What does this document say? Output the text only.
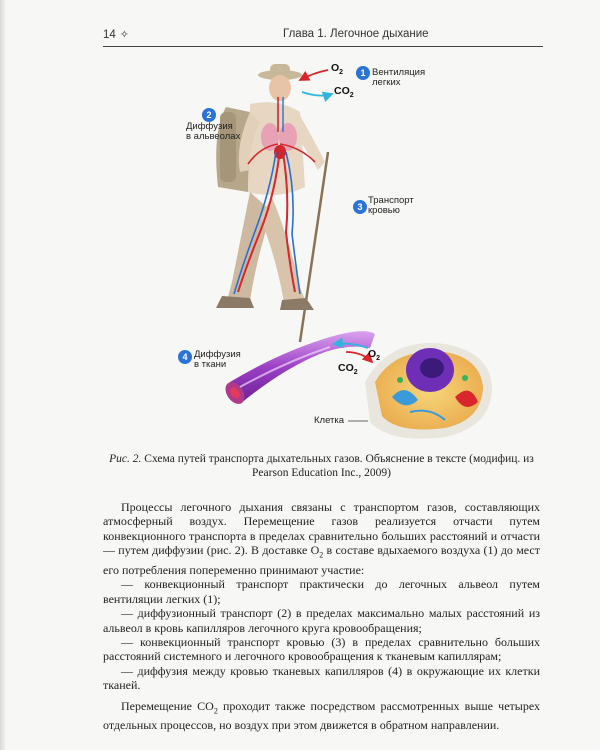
14 ✧	Глава 1. Легочное дыхание
$O_2$
$CO_2$
1 Вентиляция
легких
2
Диффузия
в альвеолах
3
Транспорт
кровью
4 Диффузия
в ткани
$O_2$
$CO_2$
Клетка
Рис. 2. Схема путей транспорта дыхательных газов. Объяснение в тексте (модифиц. из Pearson Education Inc., 2009)

Процессы легочного дыхания связаны с транспортом газов, составляющих атмосферный воздух. Перемещение газов реализуется отчасти путем конвекционного транспорта в пределах сравнительно больших расстояний и отчасти — путем диффузии (рис. 2). В доставке $O_2$ в составе вдыхаемого воздуха (1) до мест его потребления попеременно принимают участие:

— конвекционный транспорт практически до легочных альвеол путем вентиляции легких (1);

— диффузионный транспорт (2) в пределах максимально малых расстояний из альвеол в кровь капилляров легочного круга кровообращения;

— конвекционный транспорт кровью (3) в пределах сравнительно больших расстояний системного и легочного кровообращения к тканевым капиллярам;

— диффузия между кровью тканевых капилляров (4) в окружающие их клетки тканей.

Перемещение $CO_2$ проходит также посредством рассмотренных выше четырех отдельных процессов, но воздух при этом движется в обратном направлении.
